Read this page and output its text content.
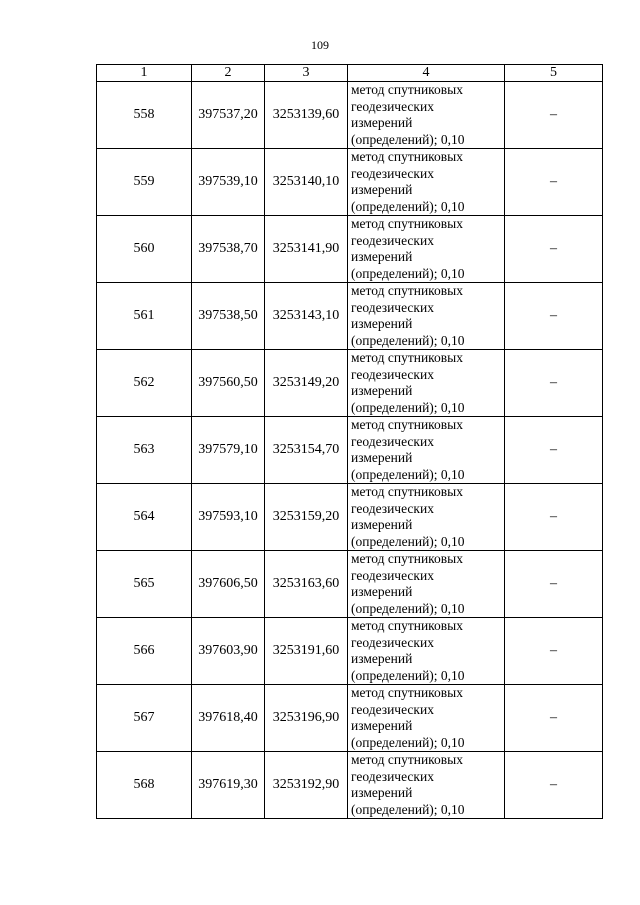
109
1	2	3	4	5
558	397537,20	3253139,60	метод спутниковых
геодезических
измерений
(определений); 0,10	–
559	397539,10	3253140,10	метод спутниковых
геодезических
измерений
(определений); 0,10	–
560	397538,70	3253141,90	метод спутниковых
геодезических
измерений
(определений); 0,10	–
561	397538,50	3253143,10	метод спутниковых
геодезических
измерений
(определений); 0,10	–
562	397560,50	3253149,20	метод спутниковых
геодезических
измерений
(определений); 0,10	–
563	397579,10	3253154,70	метод спутниковых
геодезических
измерений
(определений); 0,10	–
564	397593,10	3253159,20	метод спутниковых
геодезических
измерений
(определений); 0,10	–
565	397606,50	3253163,60	метод спутниковых
геодезических
измерений
(определений); 0,10	–
566	397603,90	3253191,60	метод спутниковых
геодезических
измерений
(определений); 0,10	–
567	397618,40	3253196,90	метод спутниковых
геодезических
измерений
(определений); 0,10	–
568	397619,30	3253192,90	метод спутниковых
геодезических
измерений
(определений); 0,10	–
